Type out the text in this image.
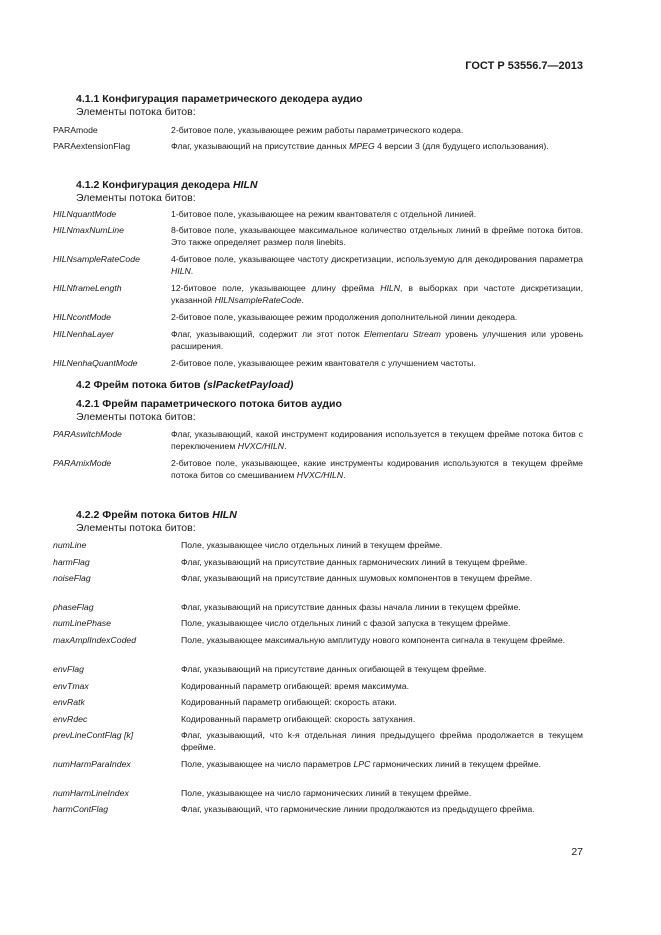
ГОСТ Р 53556.7—2013
4.1.1 Конфигурация параметрического декодера аудио
Элементы потока битов:
PARAmode	2-битовое поле, указывающее режим работы параметрического кодера.
PARAextensionFlag	Флаг, указывающий на присутствие данных MPEG 4 версии 3 (для будущего использования).
4.1.2 Конфигурация декодера HILN
Элементы потока битов:
HILNquantMode	1-битовое поле, указывающее на режим квантователя с отдельной линией.
HILNmaxNumLine	8-битовое поле, указывающее максимальное количество отдельных линий в фрейме потока битов. Это также определяет размер поля linebits.
HILNsampleRateCode	4-битовое поле, указывающее частоту дискретизации, используемую для декодирования параметра HILN.
HILNframeLength	12-битовое поле, указывающее длину фрейма HILN, в выборках при частоте дискретизации, указанной HILNsampleRateCode.
HILNcontMode	2-битовое поле, указывающее режим продолжения дополнительной линии декодера.
HILNenhaLayer	Флаг, указывающий, содержит ли этот поток Elementaru Stream уровень улучшения или уровень расширения.
HILNenhaQuantMode	2-битовое поле, указывающее режим квантователя с улучшением частоты.
4.2 Фрейм потока битов (slPacketPayload)
4.2.1 Фрейм параметрического потока битов аудио
Элементы потока битов:
PARAswitchMode	Флаг, указывающий, какой инструмент кодирования используется в текущем фрейме потока битов с переключением HVXC/HILN.
PARAmixMode	2-битовое поле, указывающее, какие инструменты кодирования используются в текущем фрейме потока битов со смешиванием HVXC/HILN.
4.2.2 Фрейм потока битов HILN
Элементы потока битов:
numLine	Поле, указывающее число отдельных линий в текущем фрейме.
harmFlag	Флаг, указывающий на присутствие данных гармонических линий в текущем фрейме.
noiseFlag	Флаг, указывающий на присутствие данных шумовых компонентов в текущем фрейме.
phaseFlag	Флаг, указывающий на присутствие данных фазы начала линии в текущем фрейме.
numLinePhase	Поле, указывающее число отдельных линий с фазой запуска в текущем фрейме.
maxAmplIndexCoded	Поле, указывающее максимальную амплитуду нового компонента сигнала в текущем фрейме.
envFlag	Флаг, указывающий на присутствие данных огибающей в текущем фрейме.
envTmax	Кодированный параметр огибающей: время максимума.
envRatk	Кодированный параметр огибающей: скорость атаки.
envRdec	Кодированный параметр огибающей: скорость затухания.
prevLineContFlag [k]	Флаг, указывающий, что k-я отдельная линия предыдущего фрейма продолжается в текущем фрейме.
numHarmParaIndex	Поле, указывающее на число параметров LPC гармонических линий в текущем фрейме.
numHarmLineIndex	Поле, указывающее на число гармонических линий в текущем фрейме.
harmContFlag	Флаг, указывающий, что гармонические линии продолжаются из предыдущего фрейма.
27
